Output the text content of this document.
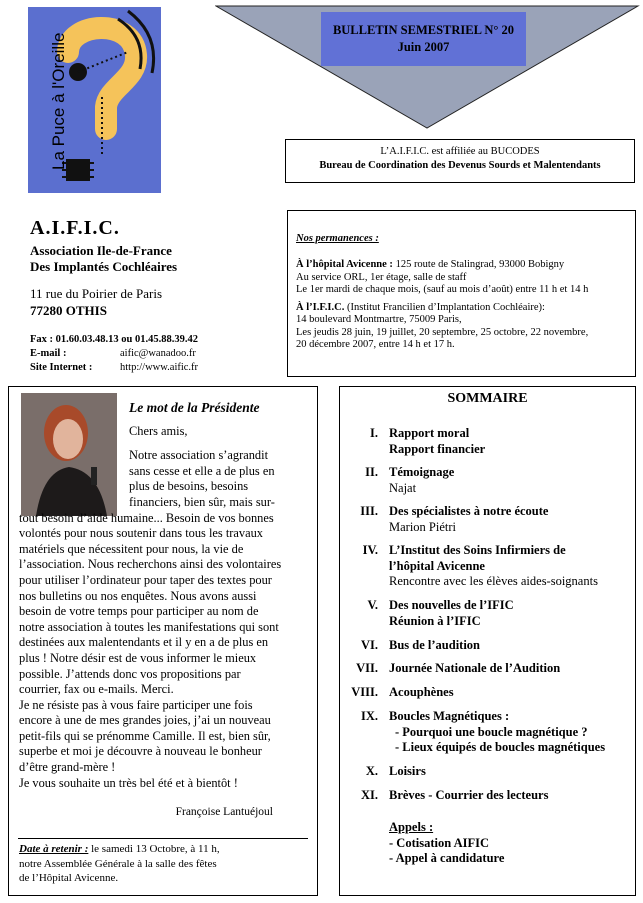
La Puce à l'Oreille
BULLETIN SEMESTRIEL N° 20
Juin 2007
L’A.I.F.I.C. est affiliée au BUCODES
Bureau de Coordination des Devenus Sourds et Malentendants
A.I.F.I.C.
Association Ile-de-France
Des Implantés Cochléaires
11 rue du Poirier de Paris
77280 OTHIS
Fax : 01.60.03.48.13 ou 01.45.88.39.42
E-mail :	aific@wanadoo.fr
Site Internet :	http://www.aific.fr
Nos permanences :

À l’hôpital Avicenne : 125 route de Stalingrad, 93000 Bobigny

Au service ORL, 1er étage, salle de staff

Le 1er mardi de chaque mois, (sauf au mois d’août) entre 11 h et 14 h

À l’I.F.I.C. (Institut Francilien d’Implantation Cochléaire):

14 boulevard Montmartre, 75009 Paris,

Les jeudis 28 juin, 19 juillet, 20 septembre, 25 octobre, 22 novembre,

20 décembre 2007, entre 14 h et 17 h.

Le mot de la Présidente
Chers amis,
Notre association s’agrandit
sans cesse et elle a de plus en
plus de besoins, besoins
financiers, bien sûr, mais sur-
tout besoin d’aide humaine... Besoin de vos bonnes
volontés pour nous soutenir dans tous les travaux
matériels que nécessitent pour nous, la vie de
l’association. Nous recherchons ainsi des volontaires
pour utiliser l’ordinateur pour taper des textes pour
nos bulletins ou nos enquêtes. Nous avons aussi
besoin de votre temps pour participer au nom de
notre association à toutes les manifestations qui sont
destinées aux malentendants et il y en a de plus en
plus ! Notre désir est de vous informer le mieux
possible. J’attends donc vos propositions par
courrier, fax ou e-mails. Merci.
Je ne résiste pas à vous faire participer une fois
encore à une de mes grandes joies, j’ai un nouveau
petit-fils qui se prénomme Camille. Il est, bien sûr,
superbe et moi je découvre à nouveau le bonheur
d’être grand-mère !
Je vous souhaite un très bel été et à bientôt !
Françoise Lantuéjoul
Date à retenir : le samedi 13 Octobre, à 11 h,
notre Assemblée Générale à la salle des fêtes
de l’Hôpital Avicenne.
SOMMAIRE
I. Rapport moral
Rapport financier
II. Témoignage
Najat
III. Des spécialistes à notre écoute
Marion Piétri
IV. L’Institut des Soins Infirmiers de
l’hôpital Avicenne
Rencontre avec les élèves aides-soignants
V. Des nouvelles de l’IFIC
Réunion à l’IFIC
VI. Bus de l’audition
VII. Journée Nationale de l’Audition
VIII. Acouphènes
IX. Boucles Magnétiques :
- Pourquoi une boucle magnétique ?
- Lieux équipés de boucles magnétiques
X. Loisirs
XI. Brèves - Courrier des lecteurs
Appels :
- Cotisation AIFIC
- Appel à candidature
